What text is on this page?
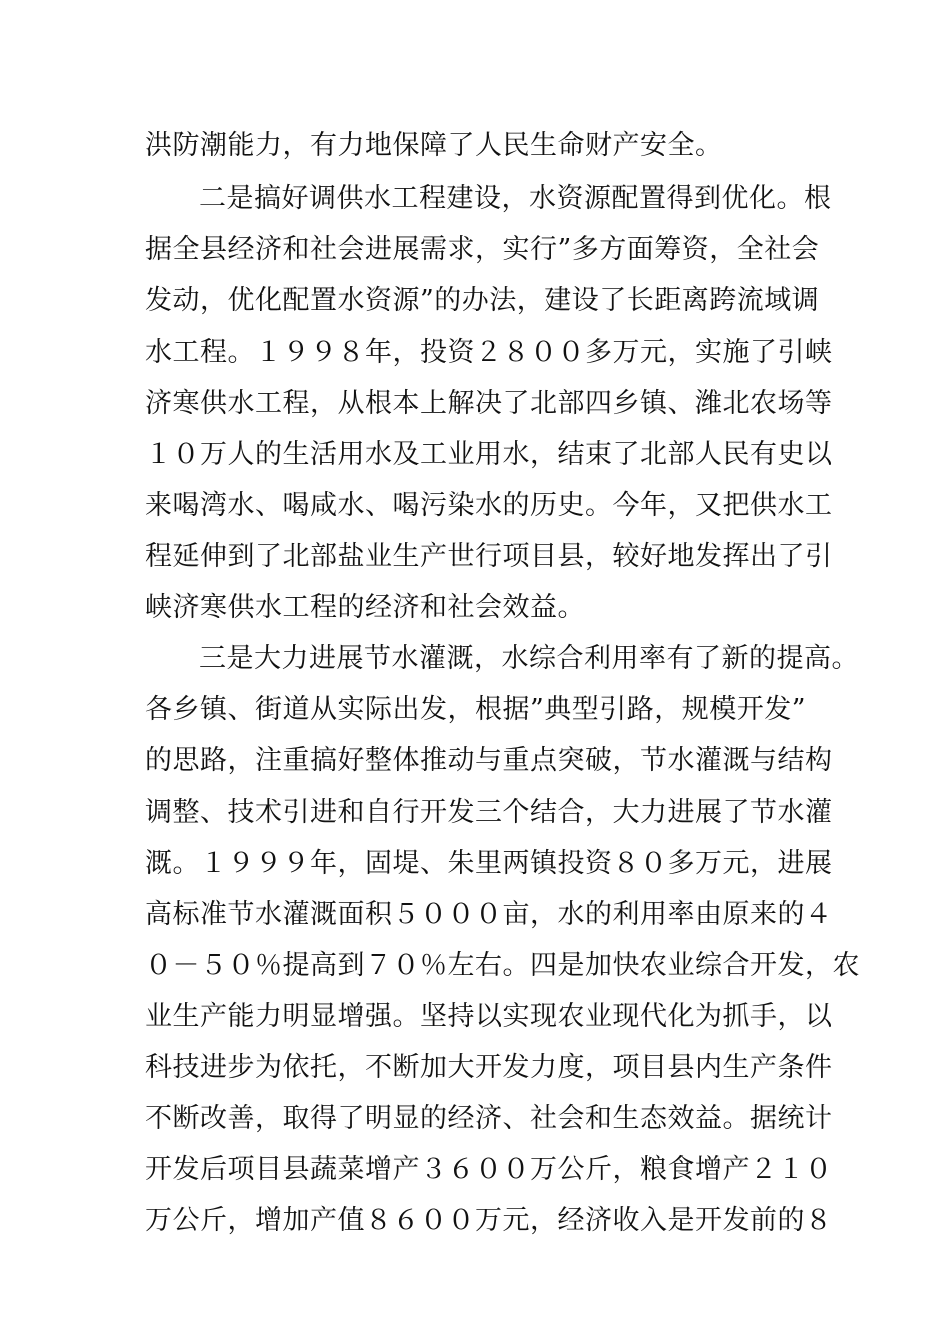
洪防潮能力，有力地保障了人民生命财产安全。
二是搞好调供水工程建设，水资源配置得到优化。根
据全县经济和社会进展需求，实行”多方面筹资，全社会
发动，优化配置水资源”的办法，建设了长距离跨流域调
水工程。１９９８年，投资２８００多万元，实施了引峡
济寒供水工程，从根本上解决了北部四乡镇、潍北农场等
１０万人的生活用水及工业用水，结束了北部人民有史以
来喝湾水、喝咸水、喝污染水的历史。今年，又把供水工
程延伸到了北部盐业生产世行项目县，较好地发挥出了引
峡济寒供水工程的经济和社会效益。
三是大力进展节水灌溉，水综合利用率有了新的提高。
各乡镇、街道从实际出发，根据”典型引路，规模开发”
的思路，注重搞好整体推动与重点突破，节水灌溉与结构
调整、技术引进和自行开发三个结合，大力进展了节水灌
溉。１９９９年，固堤、朱里两镇投资８０多万元，进展
高标准节水灌溉面积５０００亩，水的利用率由原来的４
０－５０％提高到７０％左右。四是加快农业综合开发，农
业生产能力明显增强。坚持以实现农业现代化为抓手，以
科技进步为依托，不断加大开发力度，项目县内生产条件
不断改善，取得了明显的经济、社会和生态效益。据统计
开发后项目县蔬菜增产３６００万公斤，粮食增产２１０
万公斤，增加产值８６００万元，经济收入是开发前的８
